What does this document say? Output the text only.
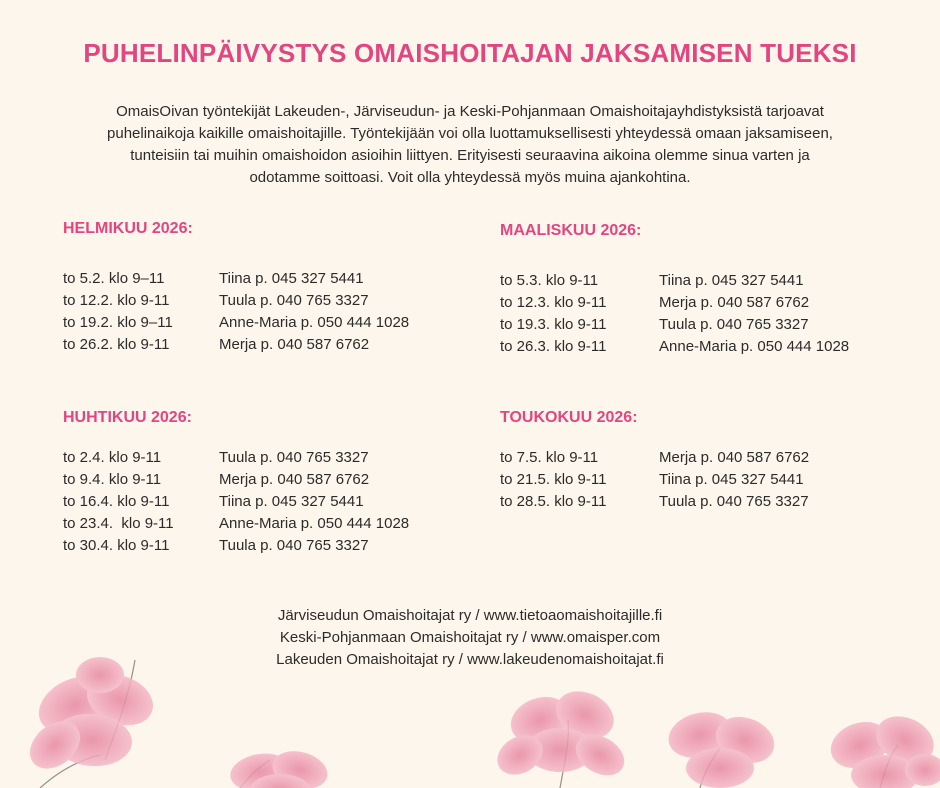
PUHELINPÄIVYSTYS OMAISHOITAJAN JAKSAMISEN TUEKSI
OmaisOivan työntekijät Lakeuden-, Järviseudun- ja Keski-Pohjanmaan Omaishoitajayhdistyksistä tarjoavat
puhelinaikoja kaikille omaishoitajille. Työntekijään voi olla luottamuksellisesti yhteydessä omaan jaksamiseen,
tunteisiin tai muihin omaishoidon asioihin liittyen. Erityisesti seuraavina aikoina olemme sinua varten ja
odotamme soittoasi. Voit olla yhteydessä myös muina ajankohtina.
HELMIKUU 2026:
to 5.2. klo 9–11	Tiina p. 045 327 5441
to 12.2. klo 9-11	Tuula p. 040 765 3327
to 19.2. klo 9–11	Anne-Maria p. 050 444 1028
to 26.2. klo 9-11	Merja p. 040 587 6762
MAALISKUU 2026:
to 5.3. klo 9-11	Tiina p. 045 327 5441
to 12.3. klo 9-11	Merja p. 040 587 6762
to 19.3. klo 9-11	Tuula p. 040 765 3327
to 26.3. klo 9-11	Anne-Maria p. 050 444 1028
HUHTIKUU 2026:
to 2.4. klo 9-11	Tuula p. 040 765 3327
to 9.4. klo 9-11	Merja p. 040 587 6762
to 16.4. klo 9-11	Tiina p. 045 327 5441
to 23.4.  klo 9-11	Anne-Maria p. 050 444 1028
to 30.4. klo 9-11	Tuula p. 040 765 3327
TOUKOKUU 2026:
to 7.5. klo 9-11	Merja p. 040 587 6762
to 21.5. klo 9-11	Tiina p. 045 327 5441
to 28.5. klo 9-11	Tuula p. 040 765 3327
Järviseudun Omaishoitajat ry / www.tietoaomaishoitajille.fi
Keski-Pohjanmaan Omaishoitajat ry / www.omaisper.com
Lakeuden Omaishoitajat ry / www.lakeudenomaishoitajat.fi
